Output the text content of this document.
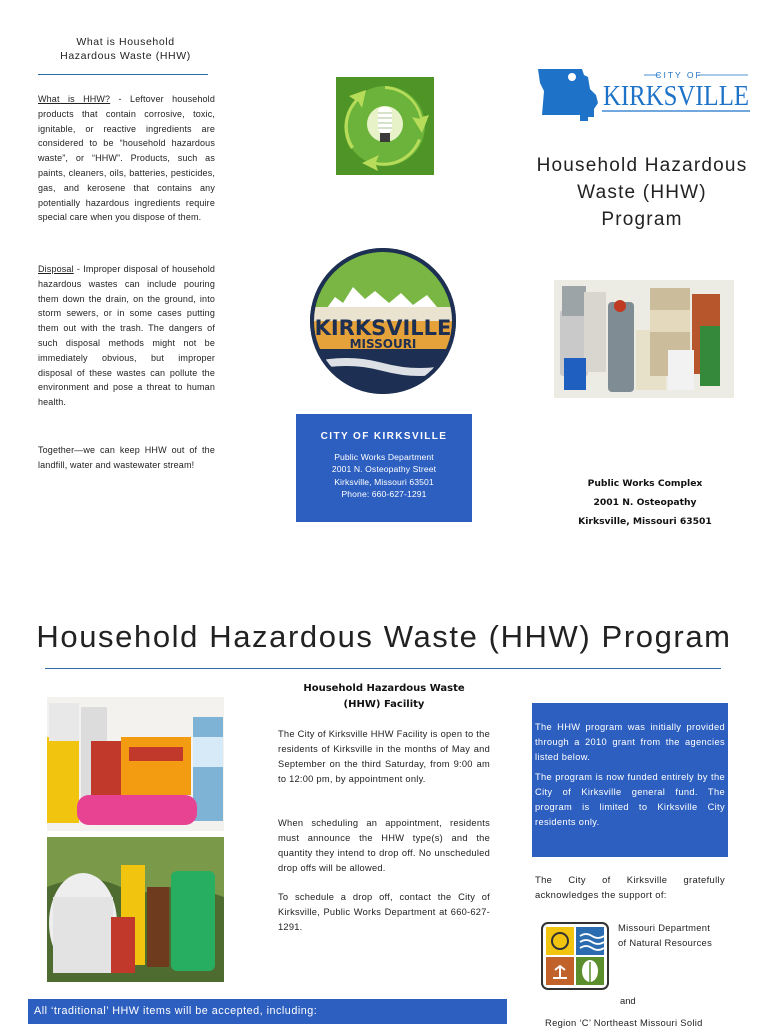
What is Household
Hazardous Waste (HHW)

What is HHW? - Leftover household products that contain corrosive, toxic, ignitable, or reactive ingredients are considered to be “household hazardous waste”, or “HHW”. Products, such as paints, cleaners, oils, batteries, pesticides, gas, and kerosene that contains any potentially hazardous ingredients require special care when you dispose of them.

Disposal - Improper disposal of household hazardous wastes can include pouring them down the drain, on the ground, into storm sewers, or in some cases putting them out with the trash. The dangers of such disposal methods might not be immediately obvious, but improper disposal of these wastes can pollute the environment and pose a threat to human health.

Together—we can keep HHW out of the landfill, water and wastewater stream!

KIRKSVILLE
MISSOURI
CITY OF KIRKSVILLE
Public Works Department
2001 N. Osteopathy Street
Kirksville, Missouri 63501
Phone: 660-627-1291
CITY OF
KIRKSVILLE
Household Hazardous
Waste (HHW)
Program
Public Works Complex
2001 N. Osteopathy
Kirksville, Missouri 63501
Household Hazardous Waste (HHW) Program
Household Hazardous Waste
(HHW) Facility

The City of Kirksville HHW Facility is open to the residents of Kirksville in the months of May and September on the third Saturday, from 9:00 am to 12:00 pm, by appointment only.

When scheduling an appointment, residents must announce the HHW type(s) and the quantity they intend to drop off. No unscheduled drop offs will be allowed.

To schedule a drop off, contact the City of Kirksville, Public Works Department at 660-627-1291.

The HHW program was initially provided through a 2010 grant from the agencies listed below.

The program is now funded entirely by the City of Kirksville general fund. The program is limited to Kirksville City residents only.

The City of Kirksville gratefully acknowledges the support of:

Missouri Department
of Natural Resources
and
Region ‘C’ Northeast Missouri Solid
All ‘traditional’ HHW items will be accepted, including:
